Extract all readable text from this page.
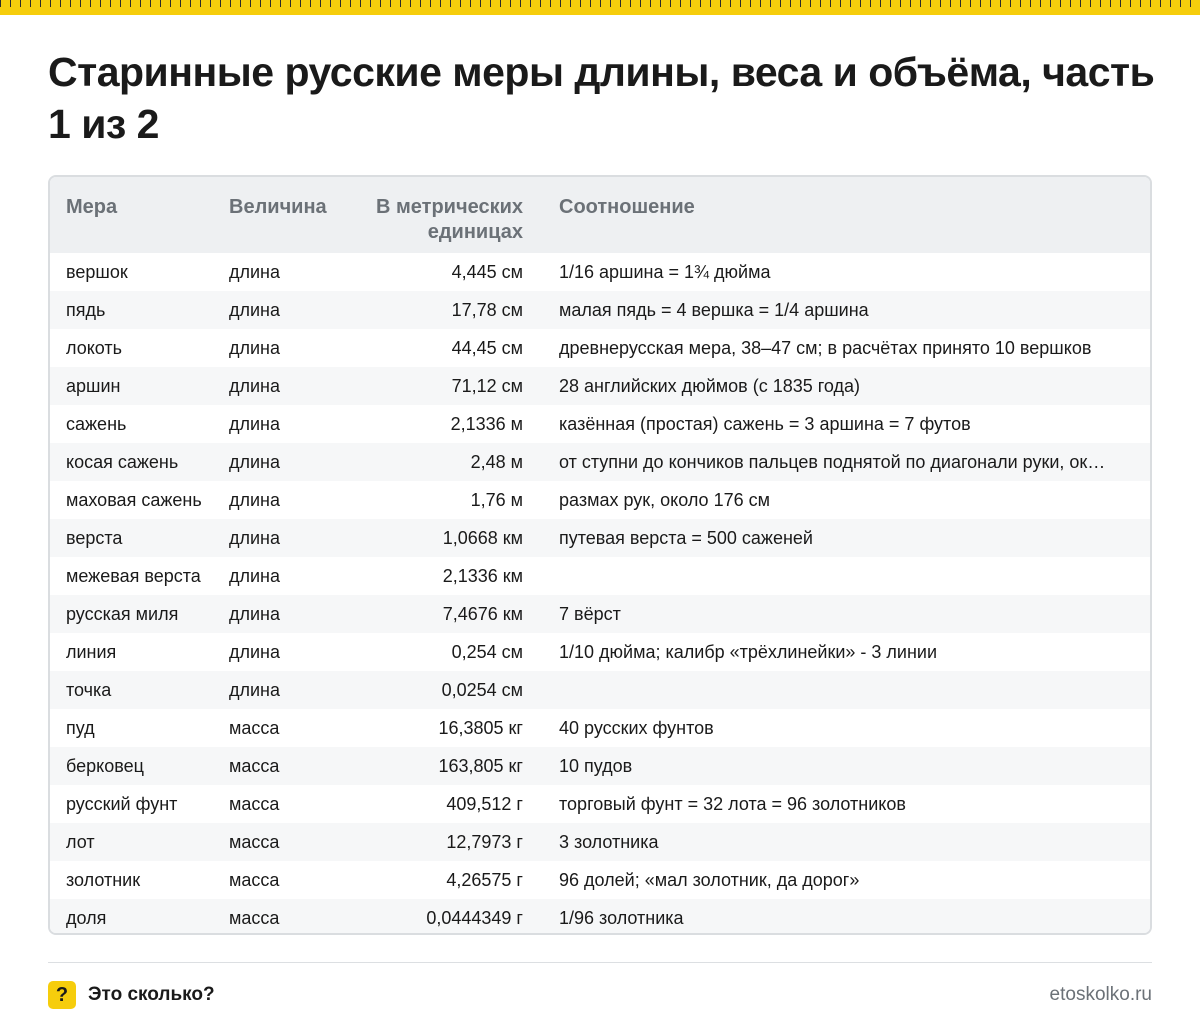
Старинные русские меры длины, веса и объёма, часть 1 из 2
Мера	Величина	В метрических единицах	Соотношение
вершок	длина	4,445 см	1/16 аршина = 1¾ дюйма
пядь	длина	17,78 см	малая пядь = 4 вершка = 1/4 аршина
локоть	длина	44,45 см	древнерусская мера, 38–47 см; в расчётах принято 10 вершков
аршин	длина	71,12 см	28 английских дюймов (с 1835 года)
сажень	длина	2,1336 м	казённая (простая) сажень = 3 аршина = 7 футов
косая сажень	длина	2,48 м	от ступни до кончиков пальцев поднятой по диагонали руки, ок…
маховая сажень	длина	1,76 м	размах рук, около 176 см
верста	длина	1,0668 км	путевая верста = 500 саженей
межевая верста	длина	2,1336 км	
русская миля	длина	7,4676 км	7 вёрст
линия	длина	0,254 см	1/10 дюйма; калибр «трёхлинейки» - 3 линии
точка	длина	0,0254 см	
пуд	масса	16,3805 кг	40 русских фунтов
берковец	масса	163,805 кг	10 пудов
русский фунт	масса	409,512 г	торговый фунт = 32 лота = 96 золотников
лот	масса	12,7973 г	3 золотника
золотник	масса	4,26575 г	96 долей; «мал золотник, да дорог»
доля	масса	0,0444349 г	1/96 золотника
?	Это сколько?	etoskolko.ru
